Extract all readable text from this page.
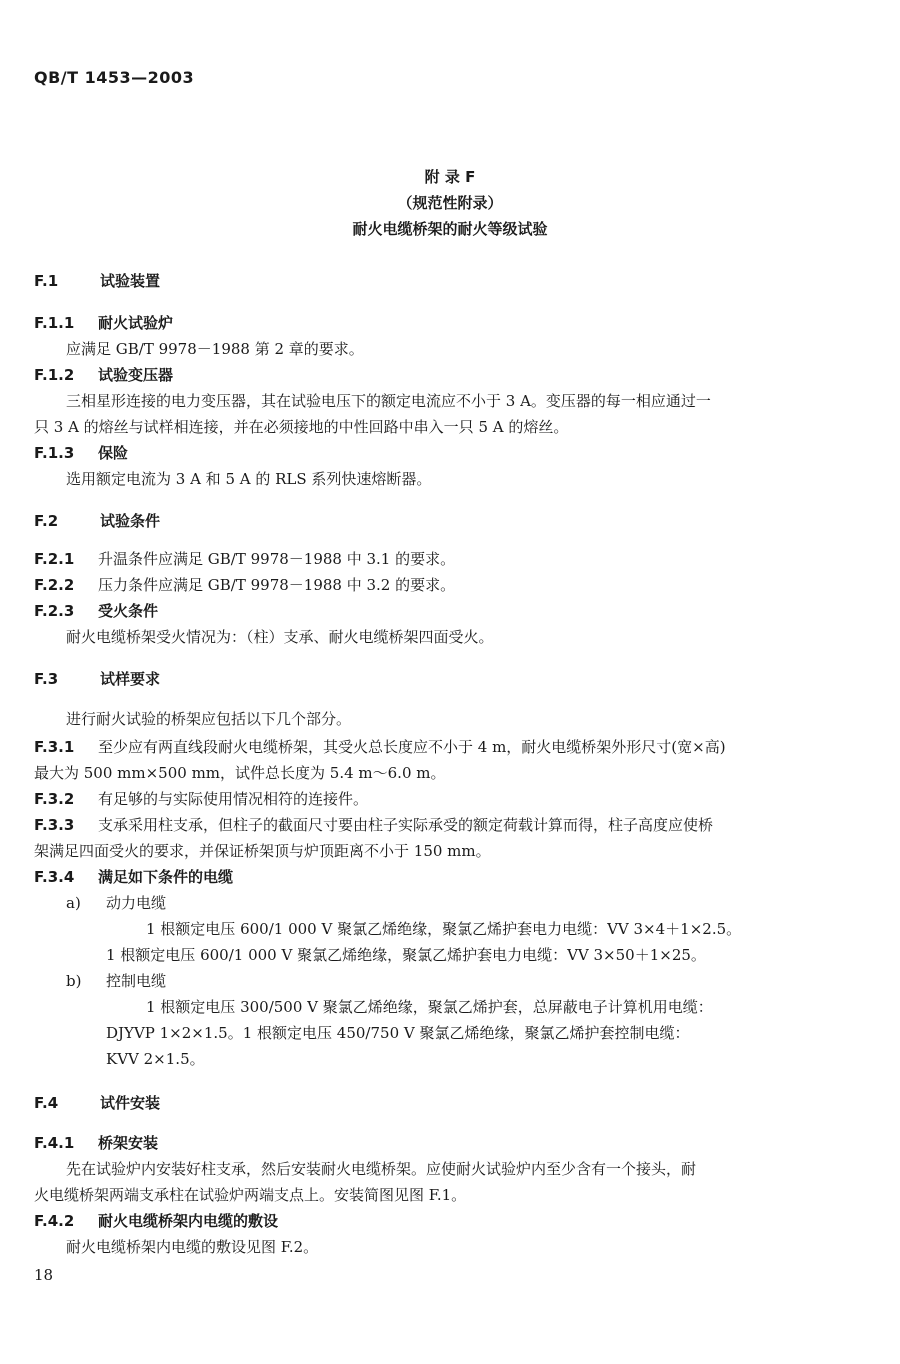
QB/T 1453—2003
附 录 F
（规范性附录）
耐火电缆桥架的耐火等级试验
F.1	试验装置
F.1.1 耐火试验炉
应满足 GB/T 9978－1988 第 2 章的要求。
F.1.2 试验变压器
三相星形连接的电力变压器，其在试验电压下的额定电流应不小于 3 A。变压器的每一相应通过一
只 3 A 的熔丝与试样相连接，并在必须接地的中性回路中串入一只 5 A 的熔丝。
F.1.3 保险
选用额定电流为 3 A 和 5 A 的 RLS 系列快速熔断器。
F.2	试验条件
F.2.1 升温条件应满足 GB/T 9978－1988 中 3.1 的要求。
F.2.2 压力条件应满足 GB/T 9978－1988 中 3.2 的要求。
F.2.3 受火条件
耐火电缆桥架受火情况为：（柱）支承、耐火电缆桥架四面受火。
F.3	试样要求
进行耐火试验的桥架应包括以下几个部分。
F.3.1 至少应有两直线段耐火电缆桥架，其受火总长度应不小于 4 m，耐火电缆桥架外形尺寸(宽×高)
最大为 500 mm×500 mm，试件总长度为 5.4 m～6.0 m。
F.3.2 有足够的与实际使用情况相符的连接件。
F.3.3 支承采用柱支承，但柱子的截面尺寸要由柱子实际承受的额定荷载计算而得，柱子高度应使桥
架满足四面受火的要求，并保证桥架顶与炉顶距离不小于 150 mm。
F.3.4 满足如下条件的电缆
a) 动力电缆
1 根额定电压 600/1 000 V 聚氯乙烯绝缘，聚氯乙烯护套电力电缆：VV 3×4＋1×2.5。
1 根额定电压 600/1 000 V 聚氯乙烯绝缘，聚氯乙烯护套电力电缆：VV 3×50＋1×25。
b) 控制电缆
1 根额定电压 300/500 V 聚氯乙烯绝缘，聚氯乙烯护套，总屏蔽电子计算机用电缆：
DJYVP 1×2×1.5。1 根额定电压 450/750 V 聚氯乙烯绝缘，聚氯乙烯护套控制电缆：
KVV 2×1.5。
F.4	试件安装
F.4.1 桥架安装
先在试验炉内安装好柱支承，然后安装耐火电缆桥架。应使耐火试验炉内至少含有一个接头，耐
火电缆桥架两端支承柱在试验炉两端支点上。安装简图见图 F.1。
F.4.2 耐火电缆桥架内电缆的敷设
耐火电缆桥架内电缆的敷设见图 F.2。
18
